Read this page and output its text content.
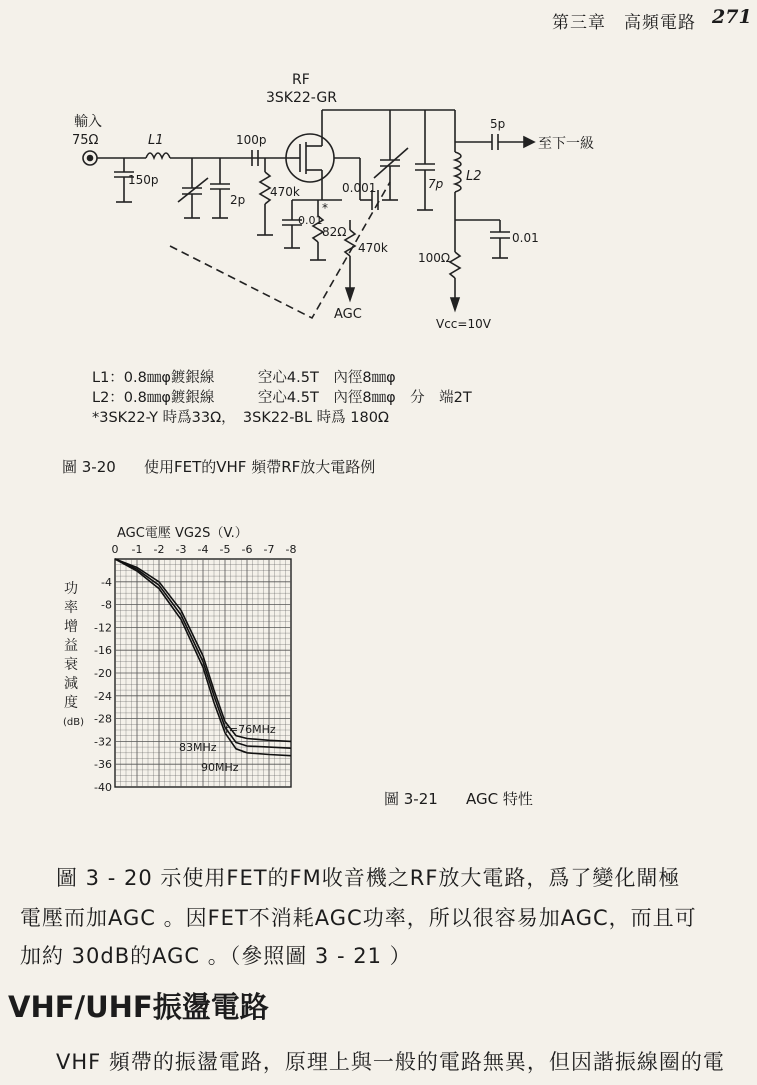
第三章　高頻電路 271
輸入
75Ω
RF
3SK22-GR
L1
150p
2p
100p
470k	0.001
0.01
*
82Ω
470k
AGC
7p
5p
至下一級
L2
100Ω
0.01
Vcc=10V
L1：0.8㎜φ鍍銀線　　　空心4.5T　內徑8㎜φ
L2：0.8㎜φ鍍銀線　　　空心4.5T　內徑8㎜φ　分　端2T
*3SK22-Y 時爲33Ω，　3SK22-BL 時爲 180Ω
圖 3-20 使用FET的VHF 頻帶RF放大電路例
AGC電壓 VG2S（V.）
0 -1 -2 -3 -4 -5 -6 -7 -8
-4
-8
-12
-16
-20
-24
-28
-32
-36
-40
功
率
增
益
衰
減
度
(dB)
f=76MHz
83MHz
90MHz
圖 3-21 AGC 特性
圖 3 - 20 示使用FET的FM收音機之RF放大電路，爲了變化閘極
電壓而加AGC 。因FET不消耗AGC功率，所以很容易加AGC，而且可
加約 30dB的AGC 。（參照圖 3 - 21 ）
VHF/UHF振盪電路
VHF 頻帶的振盪電路，原理上與一般的電路無異，但因諧振線圈的電
